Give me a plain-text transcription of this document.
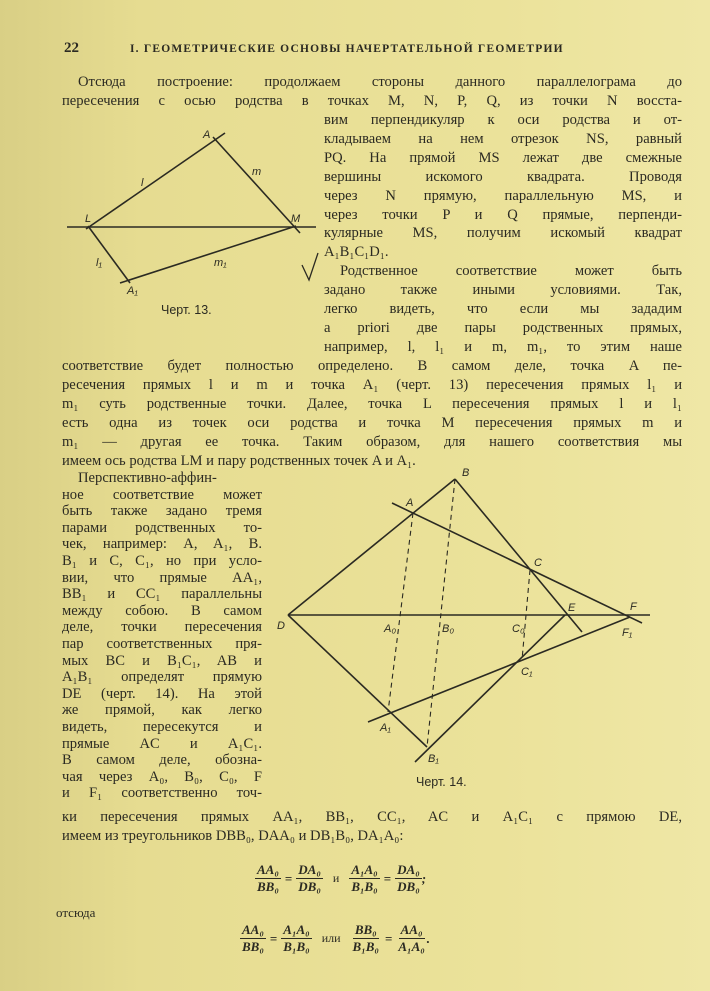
22	I. ГЕОМЕТРИЧЕСКИЕ ОСНОВЫ НАЧЕРТАТЕЛЬНОЙ ГЕОМЕТРИИ
Отсюда построение: продолжаем стороны данного параллелограма до
пересечения с осью родства в точках M, N, P, Q, из точки N восста-
вим перпендикуляр к оси родства и от-
кладываем на нем отрезок NS, равный
PQ. На прямой MS лежат две смежные
вершины искомого квадрата. Проводя
через N прямую, параллельную MS, и
через точки P и Q прямые, перпенди-
кулярные MS, получим искомый квадрат
A₁B₁C₁D₁.
Родственное соответствие может быть
задано также иными условиями. Так,
легко видеть, что если мы зададим
a priori две пары родственных прямых,
например, l, l₁ и m, m₁, то этим наше
соответствие будет полностью определено. В самом деле, точка A пе-
ресечения прямых l и m и точка A₁ (черт. 13) пересечения прямых l₁ и
m₁ суть родственные точки. Далее, точка L пересечения прямых l и l₁
есть одна из точек оси родства и точка M пересечения прямых m и
m₁ — другая ее точка. Таким образом, для нашего соответствия мы
имеем ось родства LM и пару родственных точек A и A₁.
Перспективно-аффин-
ное соответствие может
быть также задано тремя
парами родственных то-
чек, например: A, A₁, B.
B₁ и C, C₁, но при усло-
вии, что прямые AA₁,
BB₁ и CC₁ параллельны
между собою. В самом
деле, точки пересечения
пар соответственных пря-
мых BC и B₁C₁, AB и
A₁B₁ определят прямую
DE (черт. 14). На этой
же прямой, как легко
видеть, пересекутся и
прямые AC и A₁C₁.
В самом деле, обозна-
чая через A₀, B₀, C₀, F
и F₁ соответственно точ-
ки пересечения прямых AA₁, BB₁, CC₁, AC и A₁C₁ с прямою DE,
имеем из треугольников DBB₀, DAA₀ и DB₁B₀, DA₁A₀:
A
L	M
A₁
l
l₁
m
m₁
Черт. 13.
B
A
C
D
E	F
F₁
A₀	B₀	C₀
C₁
A₁
B₁
Черт. 14.
$\frac{\text{AA₀}}{\text{BB₀}} = \frac{\text{DA₀}}{\text{DB₀}}$ и $\frac{\text{A₁A₀}}{\text{B₁B₀}} = \frac{\text{DA₀}}{\text{DB₀}}$ ;
отсюда
$\frac{\text{AA₀}}{\text{BB₀}} = \frac{\text{A₁A₀}}{\text{B₁B₀}}$ или $\frac{\text{BB₀}}{\text{B₁B₀}} = \frac{\text{AA₀}}{\text{A₁A₀}}$ .
